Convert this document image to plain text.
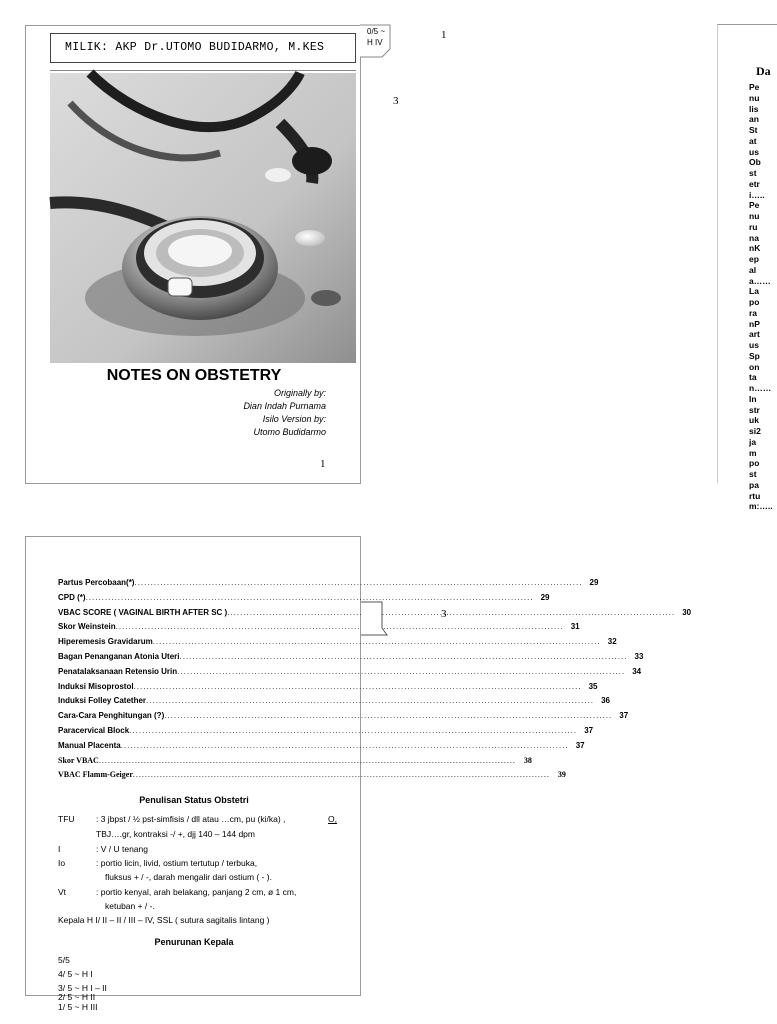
MILIK: AKP Dr.UTOMO BUDIDARMO, M.KES
NOTES ON OBSTETRY
Originally by:
Dian Indah Purnama
Isilo Version by:
Utomo Budidarmo
1
0/5 ~
H IV
1
3
3
Partus Percobaan(*) .....	29
CPD (*) .....	29
VBAC SCORE ( VAGINAL BIRTH AFTER SC ) .....	30
Skor Weinstein .....	31
Hiperemesis Gravidarum .....	32
Bagan Penanganan Atonia Uteri .....	33
Penatalaksanaan Retensio Urin .....	34
Induksi Misoprostol .....	35
Induksi Folley Catether .....	36
Cara-Cara Penghitungan (?) .....	37
Paracervical Block .....	37
Manual Placenta .....	37
Skor VBAC .....	38
VBAC Flamm-Geiger .....	39
Penulisan Status Obstetri
TFU	: 3 jbpst / ½ pst-simfisis / dll atau …cm, pu (ki/ka) ,	O,
TBJ….gr, kontraksi -/ +, djj 140 – 144 dpm
I	: V / U tenang
Io	: portio licin, livid, ostium tertutup / terbuka,
fluksus + / -, darah mengalir dari ostium ( - ).
Vt	: portio kenyal, arah belakang, panjang 2 cm, ø 1 cm,
ketuban + / -.
Kepala H I/ II – II / III – IV, SSL ( sutura sagitalis lintang )
Penurunan Kepala
5/5
4/ 5 ~ H I
3/ 5 ~ H I – II
2/ 5 ~ H II
1/ 5 ~ H III
Da
PenulisanStatusObstetri…..PenurunanKepala……LaporanPartusSpontan……Instruksi2jampostpartum:…..
